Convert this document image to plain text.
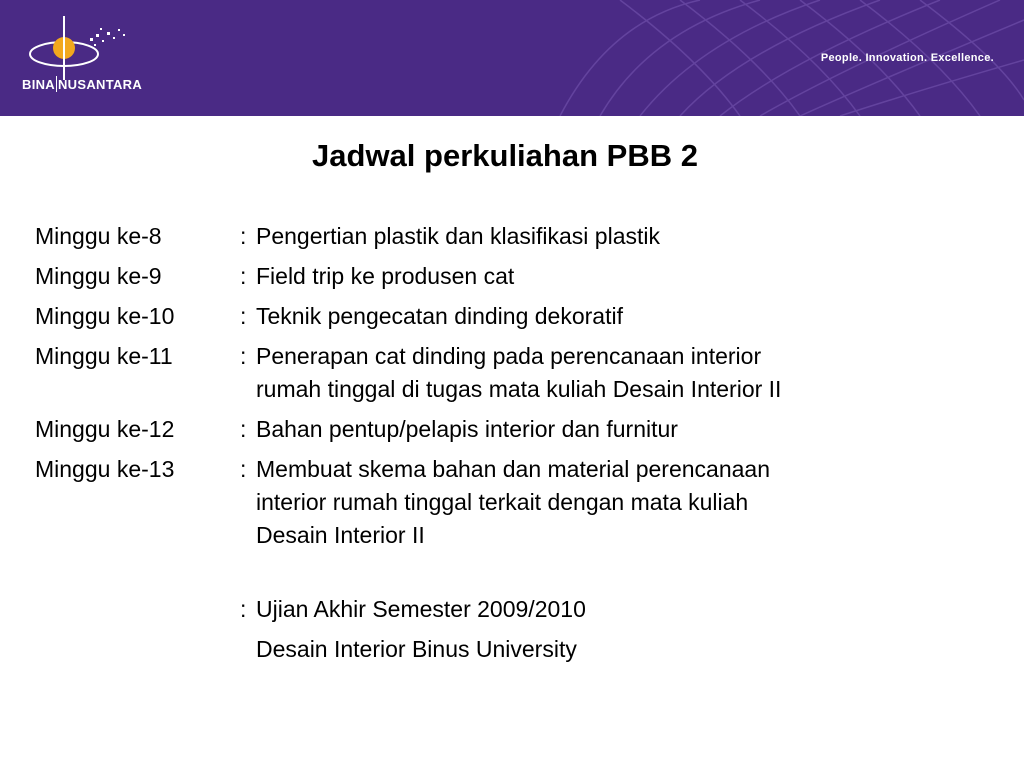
BINA NUSANTARA
People. Innovation. Excellence.
Jadwal perkuliahan PBB 2
Minggu ke-8	: Pengertian plastik dan klasifikasi plastik
Minggu ke-9	: Field trip ke produsen cat
Minggu ke-10	: Teknik pengecatan dinding dekoratif
Minggu ke-11	: Penerapan cat dinding pada perencanaan interior
rumah tinggal di tugas mata kuliah Desain Interior II
Minggu ke-12	: Bahan pentup/pelapis interior dan furnitur
Minggu ke-13	: Membuat skema bahan dan material perencanaan
interior rumah tinggal terkait dengan mata kuliah
Desain Interior II
: Ujian Akhir Semester 2009/2010
Desain Interior Binus University
